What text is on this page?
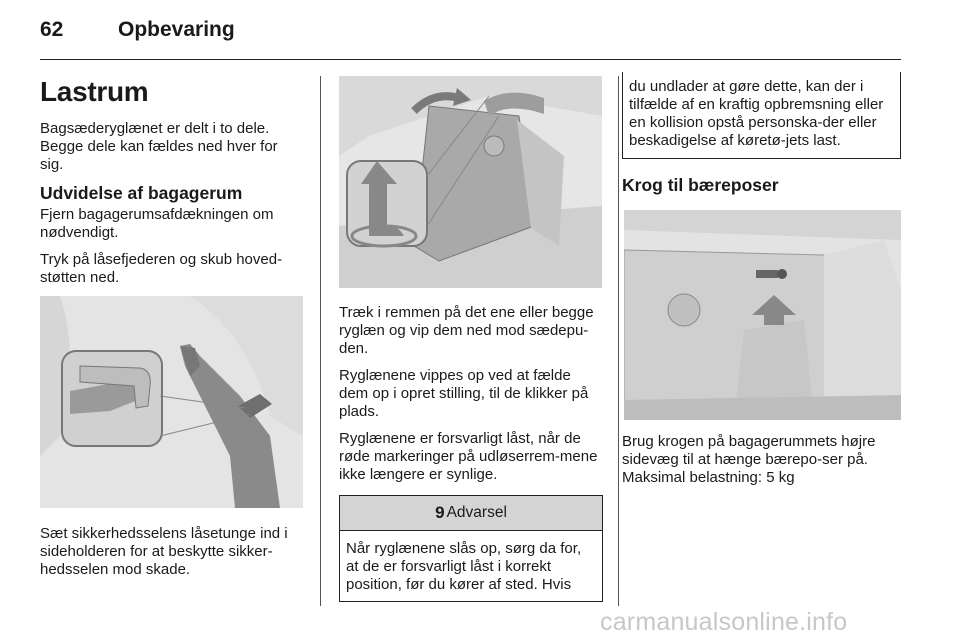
62	Opbevaring
Lastrum

Bagsæderyglænet er delt i to dele. Begge dele kan fældes ned hver for sig.

Udvidelse af bagagerum

Fjern bagagerumsafdækningen om nødvendigt.

Tryk på låsefjederen og skub hoved-støtten ned.

Sæt sikkerhedsselens låsetunge ind i sideholderen for at beskytte sikker-hedsselen mod skade.

Træk i remmen på det ene eller begge ryglæn og vip dem ned mod sædepu-den.

Ryglænene vippes op ved at fælde dem op i opret stilling, til de klikker på plads.

Ryglænene er forsvarligt låst, når de røde markeringer på udløserrem-mene ikke længere er synlige.

9 Advarsel

Når ryglænene slås op, sørg da for, at de er forsvarligt låst i korrekt position, før du kører af sted. Hvis

du undlader at gøre dette, kan der i tilfælde af en kraftig opbremsning eller en kollision opstå personska-der eller beskadigelse af køretø-jets last.

Krog til bæreposer

Brug krogen på bagagerummets højre sidevæg til at hænge bærepo-ser på. Maksimal belastning: 5 kg

carmanualsonline.info
